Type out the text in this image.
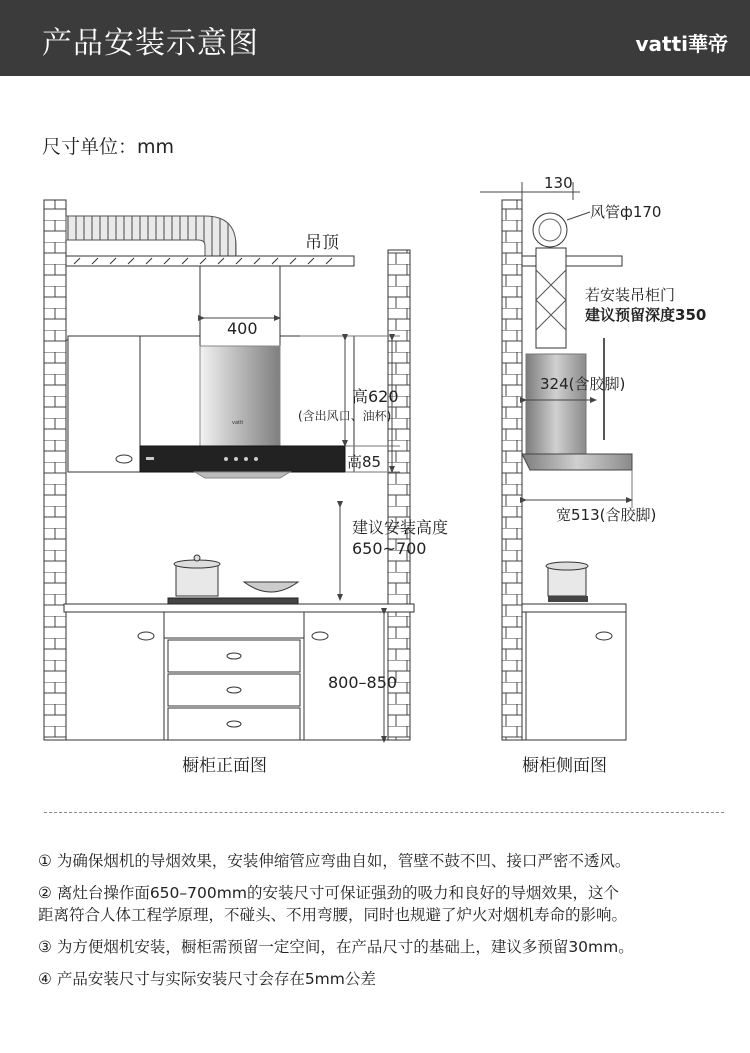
产品安装示意图	vatti華帝
尺寸单位：mm
吊顶
400
vatti
高620
(含出风口、油杯)
高85
建议安装高度
650~700
800–850
橱柜正面图
130
风管ф170
若安装吊柜门
建议预留深度350
324(含胶脚)
宽513(含胶脚)
橱柜侧面图
① 为确保烟机的导烟效果，安装伸缩管应弯曲自如，管壁不鼓不凹、接口严密不透风。
② 离灶台操作面650–700mm的安装尺寸可保证强劲的吸力和良好的导烟效果，这个
距离符合人体工程学原理，不碰头、不用弯腰，同时也规避了炉火对烟机寿命的影响。
③ 为方便烟机安装，橱柜需预留一定空间，在产品尺寸的基础上，建议多预留30mm。
④ 产品安装尺寸与实际安装尺寸会存在5mm公差
